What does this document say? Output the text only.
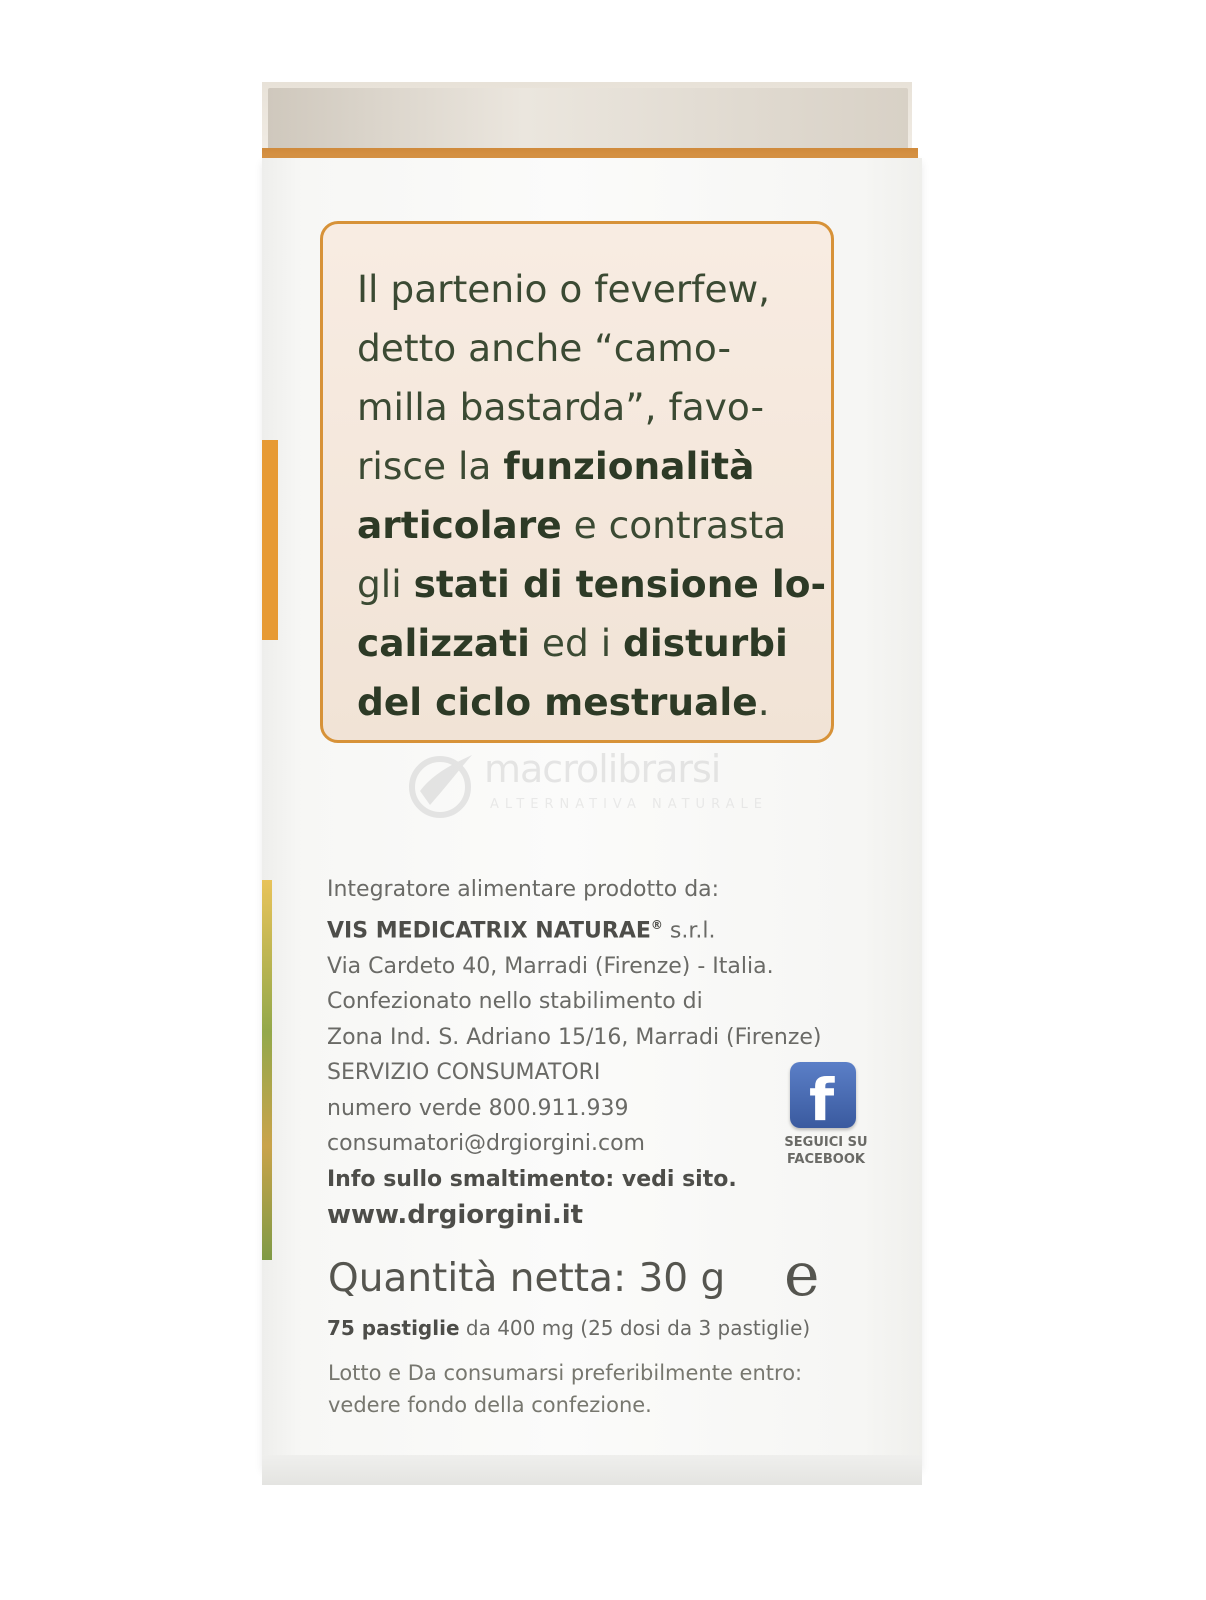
Il partenio o feverfew,
detto anche “camo-
milla bastarda”, favo-
risce la funzionalità
articolare e contrasta
gli stati di tensione lo-
calizzati ed i disturbi
del ciclo mestruale.

macrolibrarsi
ALTERNATIVA NATURALE
Integratore alimentare prodotto da:
VIS MEDICATRIX NATURAE® s.r.l.
Via Cardeto 40, Marradi (Firenze) - Italia.
Confezionato nello stabilimento di
Zona Ind. S. Adriano 15/16, Marradi (Firenze)
SERVIZIO CONSUMATORI
numero verde 800.911.939
consumatori@drgiorgini.com
Info sullo smaltimento: vedi sito.
www.drgiorgini.it
f
SEGUICI SU
FACEBOOK
Quantità netta: 30 g e
75 pastiglie da 400 mg (25 dosi da 3 pastiglie)
Lotto e Da consumarsi preferibilmente entro:
vedere fondo della confezione.
